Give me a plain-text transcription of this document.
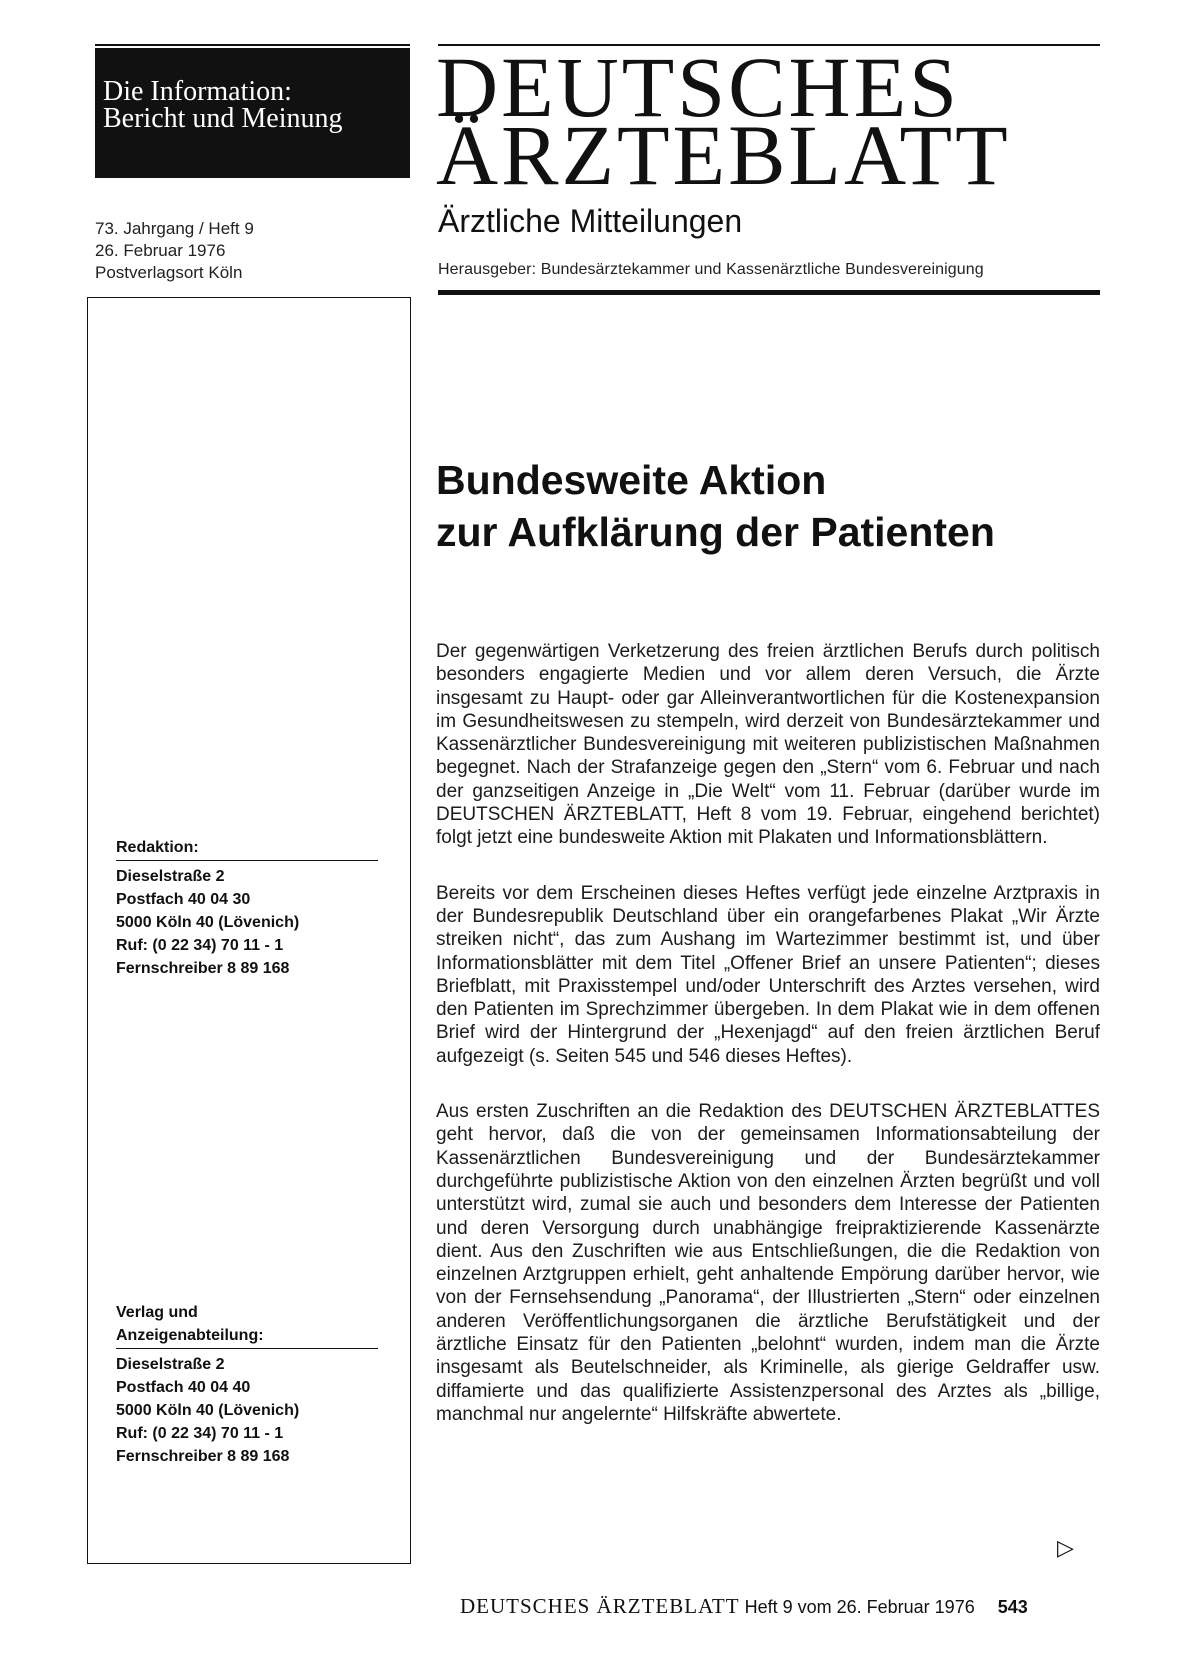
Die Information:
Bericht und Meinung
73. Jahrgang / Heft 9
26. Februar 1976
Postverlagsort Köln
Redaktion:
Dieselstraße 2
Postfach 40 04 30
5000 Köln 40 (Lövenich)
Ruf: (0 22 34) 70 11 - 1
Fernschreiber 8 89 168
Verlag und
Anzeigenabteilung:
Dieselstraße 2
Postfach 40 04 40
5000 Köln 40 (Lövenich)
Ruf: (0 22 34) 70 11 - 1
Fernschreiber 8 89 168
DEUTSCHES
ÄRZTEBLATT
Ärztliche Mitteilungen
Herausgeber: Bundesärztekammer und Kassenärztliche Bundesvereinigung
Bundesweite Aktion
zur Aufklärung der Patienten

Der gegenwärtigen Verketzerung des freien ärztlichen Berufs durch politisch besonders engagierte Medien und vor allem deren Versuch, die Ärzte insgesamt zu Haupt- oder gar Alleinverantwortlichen für die Kostenexpansion im Gesundheitswesen zu stempeln, wird derzeit von Bundesärztekammer und Kassenärztlicher Bundesvereinigung mit weiteren publizistischen Maßnahmen begegnet. Nach der Strafanzeige gegen den „Stern“ vom 6. Februar und nach der ganzseitigen Anzeige in „Die Welt“ vom 11. Februar (darüber wurde im DEUTSCHEN ÄRZTEBLATT, Heft 8 vom 19. Februar, eingehend berichtet) folgt jetzt eine bundesweite Aktion mit Plakaten und Informationsblättern.

Bereits vor dem Erscheinen dieses Heftes verfügt jede einzelne Arztpraxis in der Bundesrepublik Deutschland über ein orangefarbenes Plakat „Wir Ärzte streiken nicht“, das zum Aushang im Wartezimmer bestimmt ist, und über Informationsblätter mit dem Titel „Offener Brief an unsere Patienten“; dieses Briefblatt, mit Praxisstempel und/oder Unterschrift des Arztes versehen, wird den Patienten im Sprechzimmer übergeben. In dem Plakat wie in dem offenen Brief wird der Hintergrund der „Hexenjagd“ auf den freien ärztlichen Beruf aufgezeigt (s. Seiten 545 und 546 dieses Heftes).

Aus ersten Zuschriften an die Redaktion des DEUTSCHEN ÄRZTEBLATTES geht hervor, daß die von der gemeinsamen Informationsabteilung der Kassenärztlichen Bundesvereinigung und der Bundesärztekammer durchgeführte publizistische Aktion von den einzelnen Ärzten begrüßt und voll unterstützt wird, zumal sie auch und besonders dem Interesse der Patienten und deren Versorgung durch unabhängige freipraktizierende Kassenärzte dient. Aus den Zuschriften wie aus Entschließungen, die die Redaktion von einzelnen Arztgruppen erhielt, geht anhaltende Empörung darüber hervor, wie von der Fernsehsendung „Panorama“, der Illustrierten „Stern“ oder einzelnen anderen Veröffentlichungsorganen die ärztliche Berufstätigkeit und der ärztliche Einsatz für den Patienten „belohnt“ wurden, indem man die Ärzte insgesamt als Beutelschneider, als Kriminelle, als gierige Geldraffer usw. diffamierte und das qualifizierte Assistenzpersonal des Arztes als „billige, manchmal nur angelernte“ Hilfskräfte abwertete.

▷
DEUTSCHES ÄRZTEBLATT Heft 9 vom 26. Februar 1976 543
